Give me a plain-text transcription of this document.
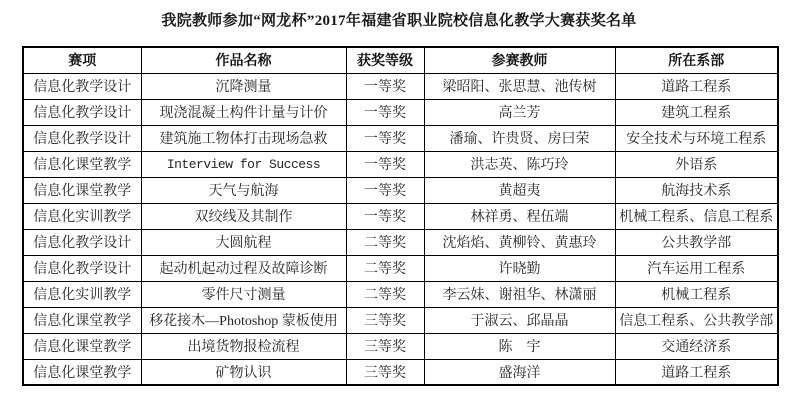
我院教师参加“网龙杯”2017年福建省职业院校信息化教学大赛获奖名单
赛项	作品名称	获奖等级	参赛教师	所在系部
信息化教学设计	沉降测量	一等奖	梁昭阳、张思慧、池传树	道路工程系
信息化教学设计	现浇混凝土构件计量与计价	一等奖	高兰芳	建筑工程系
信息化教学设计	建筑施工物体打击现场急救	一等奖	潘瑜、许贵贤、房曰荣	安全技术与环境工程系
信息化课堂教学	Interview for Success	一等奖	洪志英、陈巧玲	外语系
信息化课堂教学	天气与航海	一等奖	黄超夷	航海技术系
信息化实训教学	双绞线及其制作	一等奖	林祥勇、程伍端	机械工程系、信息工程系
信息化教学设计	大圆航程	二等奖	沈焰焰、黄柳铃、黄惠玲	公共教学部
信息化教学设计	起动机起动过程及故障诊断	二等奖	许晓勤	汽车运用工程系
信息化实训教学	零件尺寸测量	二等奖	李云妹、谢祖华、林潇丽	机械工程系
信息化课堂教学	移花接木—Photoshop 蒙板使用	三等奖	于淑云、邱晶晶	信息工程系、公共教学部
信息化课堂教学	出境货物报检流程	三等奖	陈　宇	交通经济系
信息化课堂教学	矿物认识	三等奖	盛海洋	道路工程系
